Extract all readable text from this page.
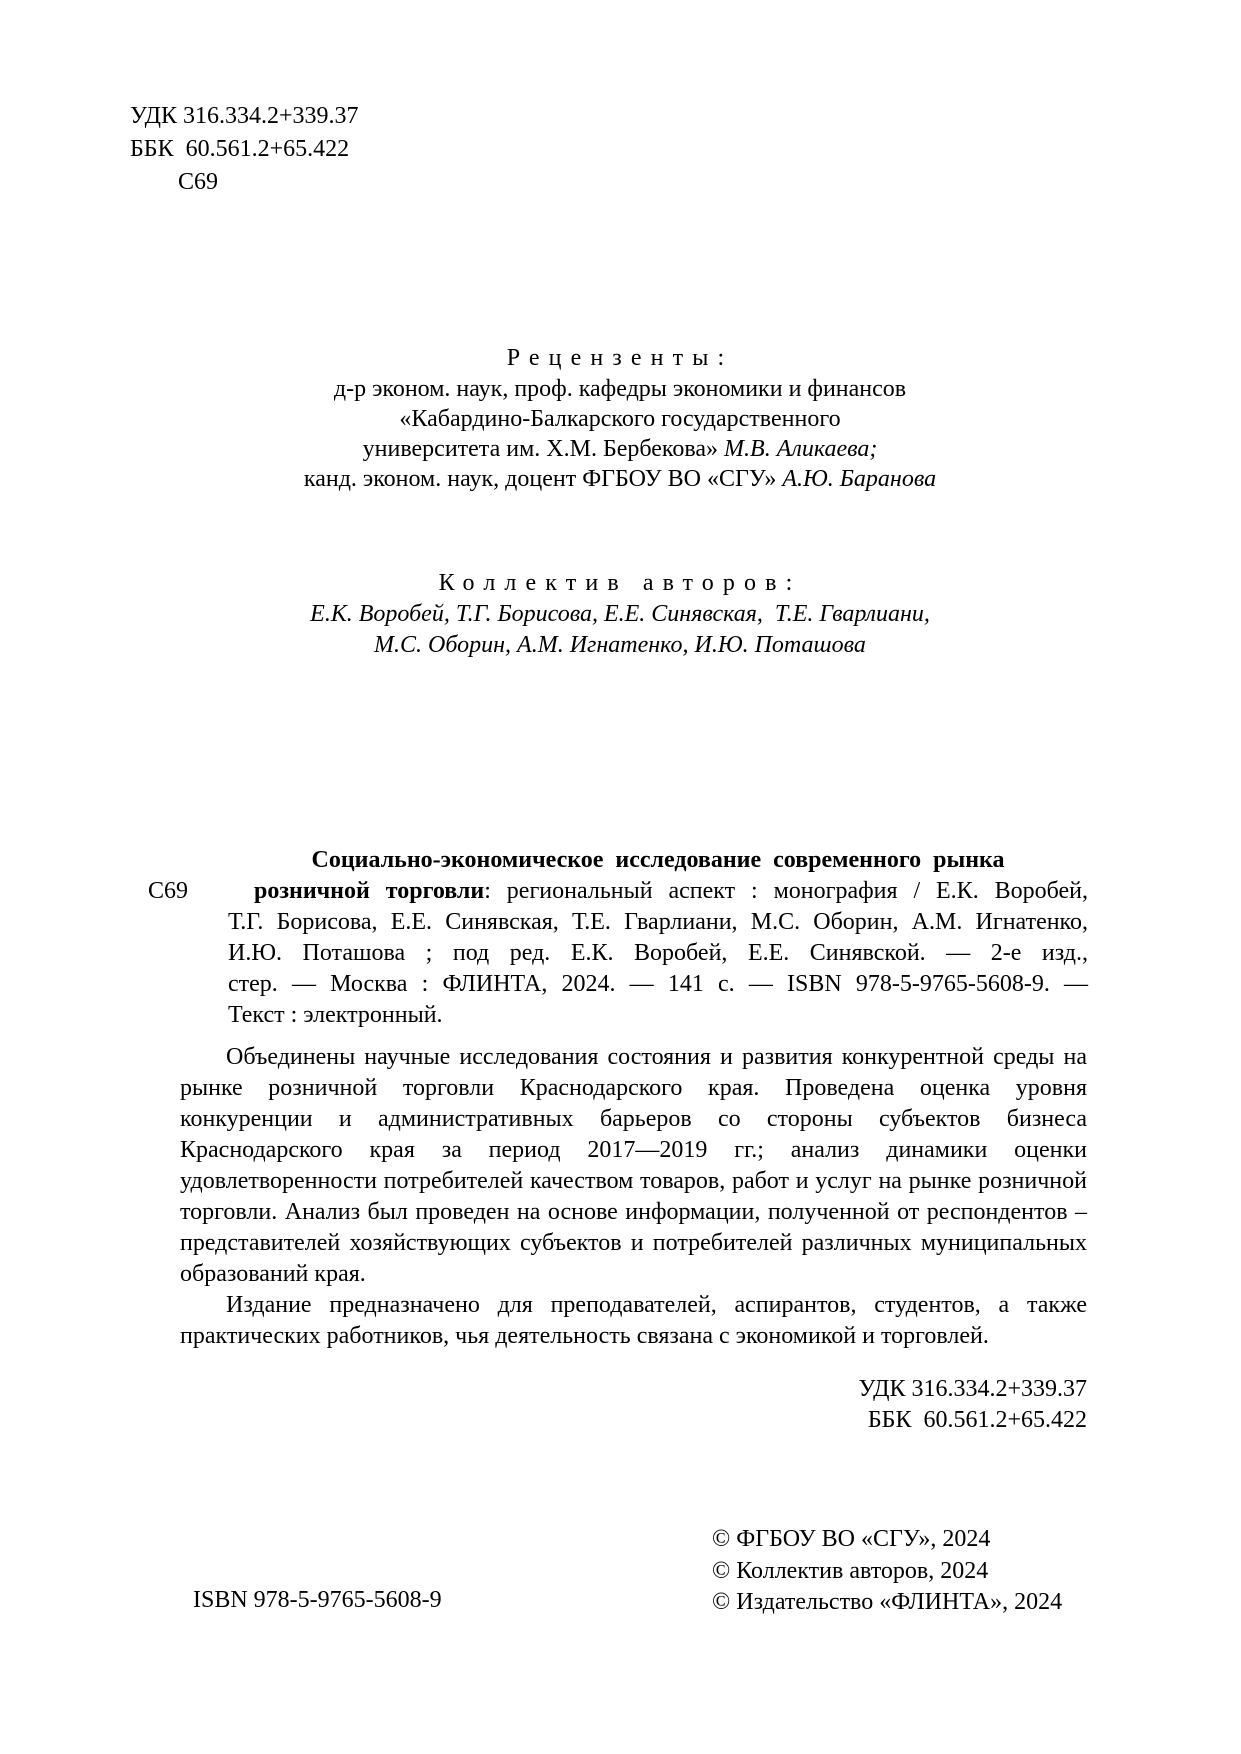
УДК 316.334.2+339.37
ББК  60.561.2+65.422
С69
Рецензенты:
д-р эконом. наук, проф. кафедры экономики и финансов
«Кабардино-Балкарского государственного
университета им. Х.М. Бербекова» М.В. Аликаева;
канд. эконом. наук, доцент ФГБОУ ВО «СГУ» А.Ю. Баранова
Коллектив авторов:
Е.К. Воробей, Т.Г. Борисова, Е.Е. Синявская,  Т.Е. Гварлиани,
М.С. Оборин, А.М. Игнатенко, И.Ю. Поташова
С69
Социально-экономическое исследование современного рынка
розничной торговли: региональный аспект : монография / Е.К. Воробей,
Т.Г. Борисова, Е.Е. Синявская, Т.Е. Гварлиани, М.С. Оборин, А.М. Игнатенко,
И.Ю. Поташова ; под ред. Е.К. Воробей, Е.Е. Синявской. — 2-е изд.,
стер. — Москва : ФЛИНТА, 2024. — 141 с. — ISBN 978-5-9765-5608-9. —
Текст : электронный.

Объединены научные исследования состояния и развития конкурентной среды на рынке розничной торговли Краснодарского края. Проведена оценка уровня конкуренции и административных барьеров со стороны субъектов бизнеса Краснодарского края за период 2017—2019 гг.; анализ динамики оценки удовлетворенности потребителей качеством товаров, работ и услуг на рынке розничной торговли. Анализ был проведен на основе информации, полученной от респондентов – представителей хозяйствующих субъектов и потребителей различных муниципальных образований края.

Издание предназначено для преподавателей, аспирантов, студентов, а также практических работников, чья деятельность связана с экономикой и торговлей.

УДК 316.334.2+339.37
ББК  60.561.2+65.422
ISBN 978-5-9765-5608-9
© ФГБОУ ВО «СГУ», 2024
© Коллектив авторов, 2024
© Издательство «ФЛИНТА», 2024
